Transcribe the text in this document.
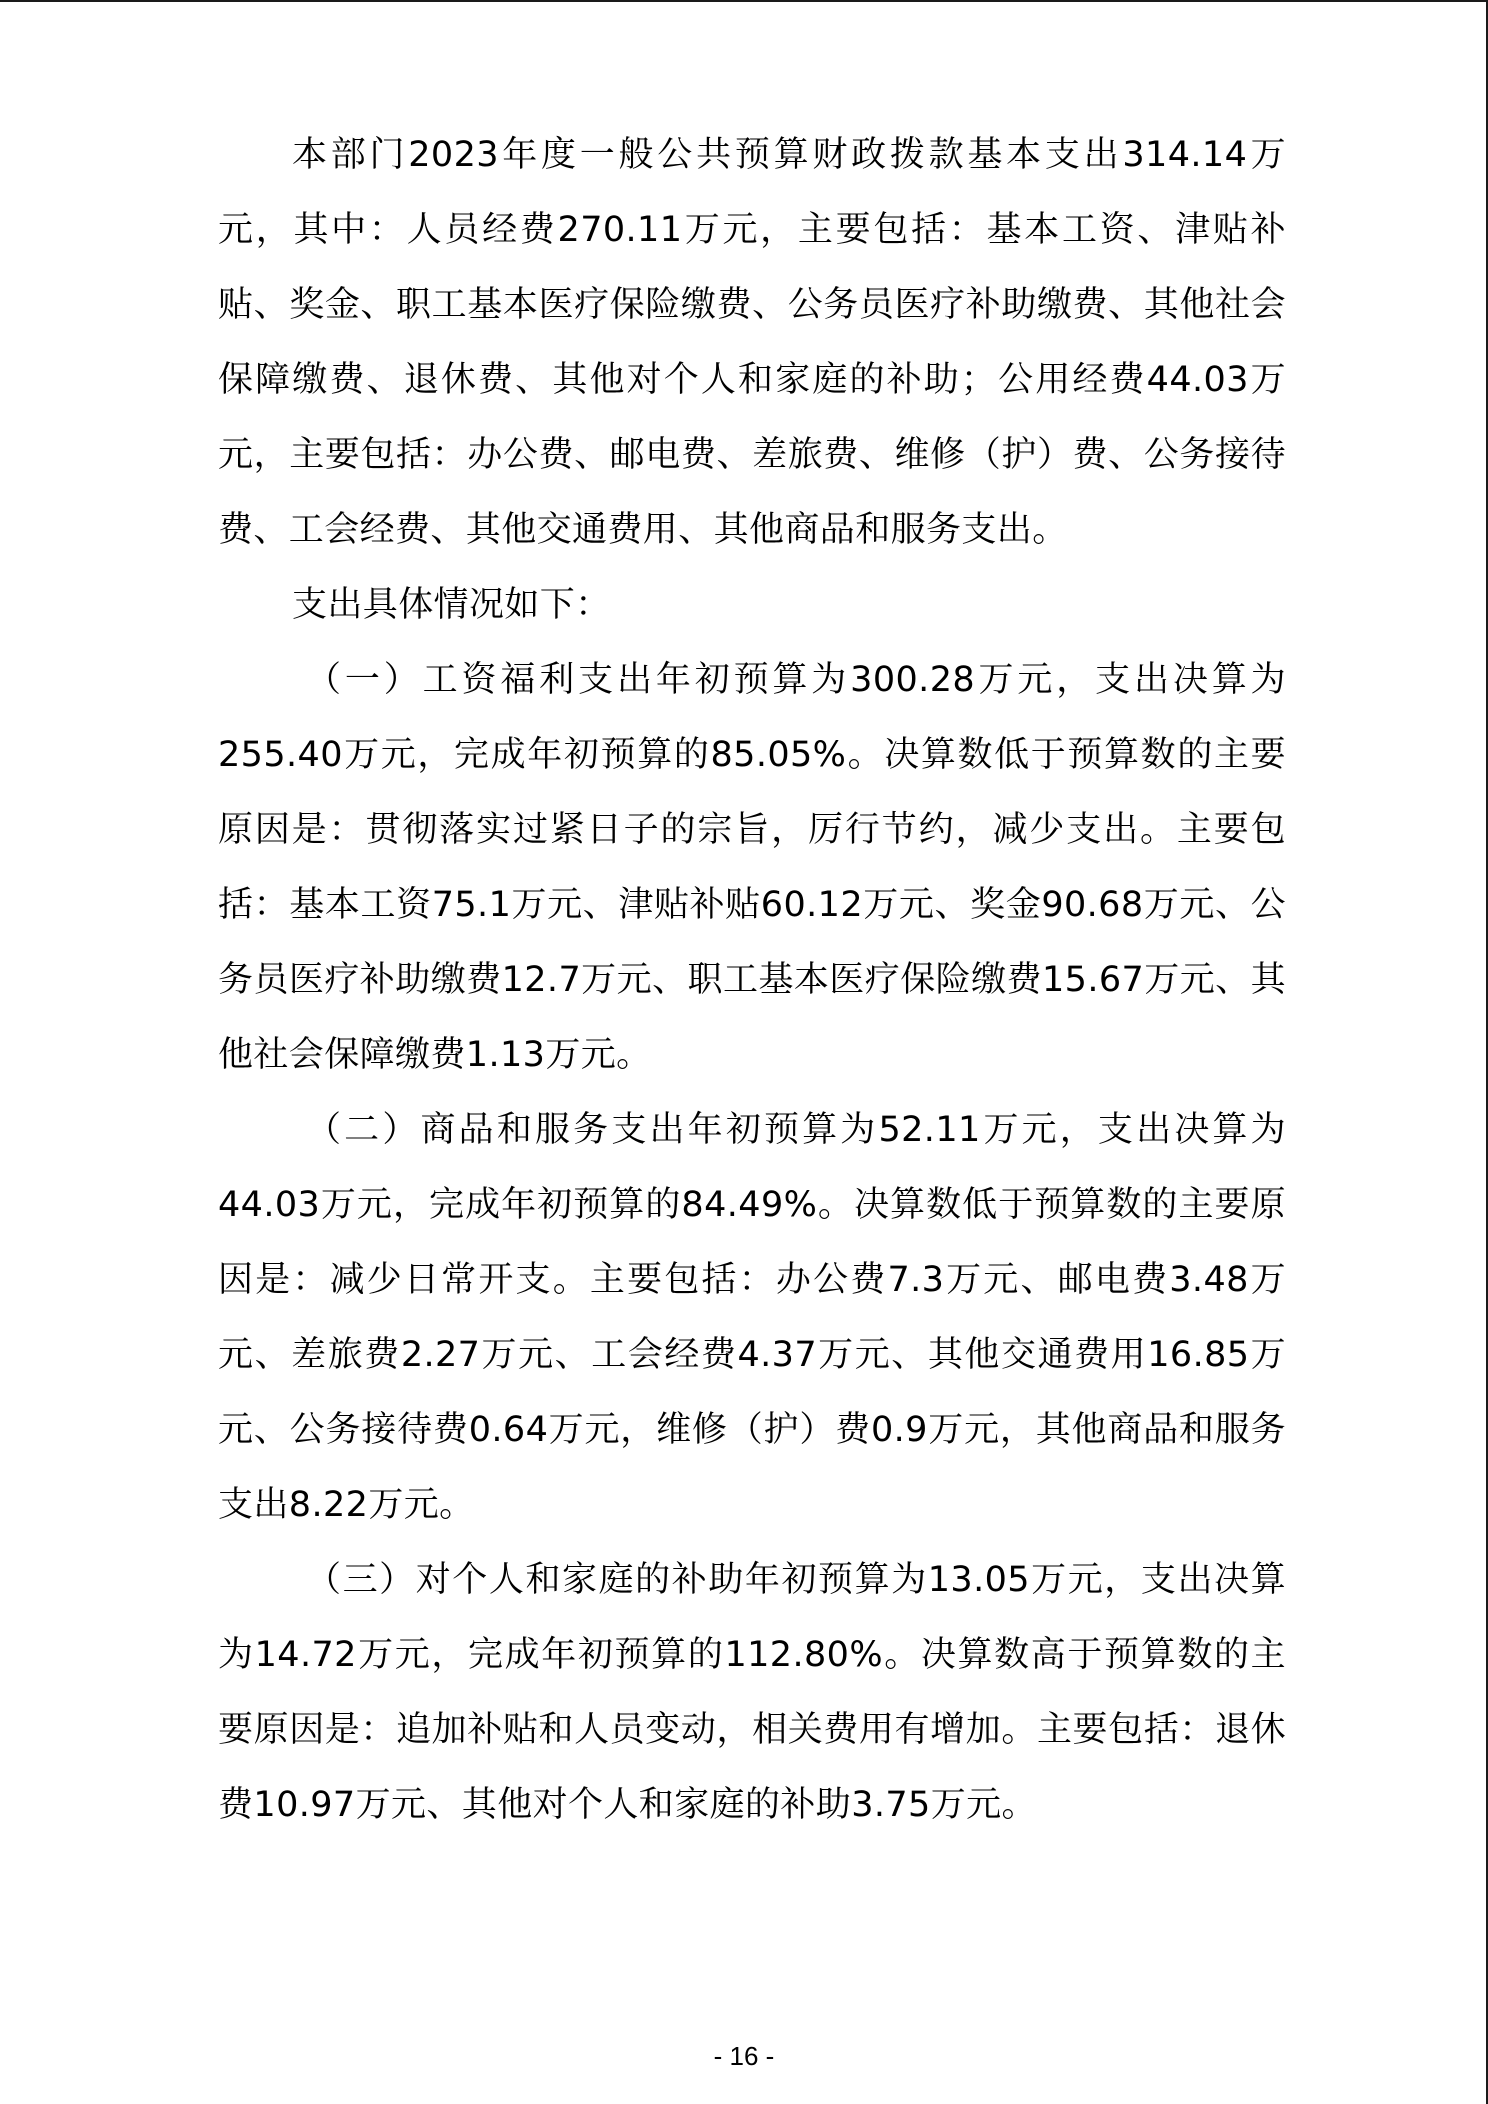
本部门2023年度一般公共预算财政拨款基本支出314.14万元，其中：人员经费270.11万元，主要包括：基本工资、津贴补贴、奖金、职工基本医疗保险缴费、公务员医疗补助缴费、其他社会保障缴费、退休费、其他对个人和家庭的补助；公用经费44.03万元，主要包括：办公费、邮电费、差旅费、维修（护）费、公务接待费、工会经费、其他交通费用、其他商品和服务支出。

支出具体情况如下：

（一）工资福利支出年初预算为300.28万元，支出决算为255.40万元，完成年初预算的85.05%。决算数低于预算数的主要原因是：贯彻落实过紧日子的宗旨，厉行节约，减少支出。主要包括：基本工资75.1万元、津贴补贴60.12万元、奖金90.68万元、公务员医疗补助缴费12.7万元、职工基本医疗保险缴费15.67万元、其他社会保障缴费1.13万元。

（二）商品和服务支出年初预算为52.11万元，支出决算为44.03万元，完成年初预算的84.49%。决算数低于预算数的主要原因是：减少日常开支。主要包括：办公费7.3万元、邮电费3.48万元、差旅费2.27万元、工会经费4.37万元、其他交通费用16.85万元、公务接待费0.64万元，维修（护）费0.9万元，其他商品和服务支出8.22万元。

（三）对个人和家庭的补助年初预算为13.05万元，支出决算为14.72万元，完成年初预算的112.80%。决算数高于预算数的主要原因是：追加补贴和人员变动，相关费用有增加。主要包括：退休费10.97万元、其他对个人和家庭的补助3.75万元。

- 16 -
